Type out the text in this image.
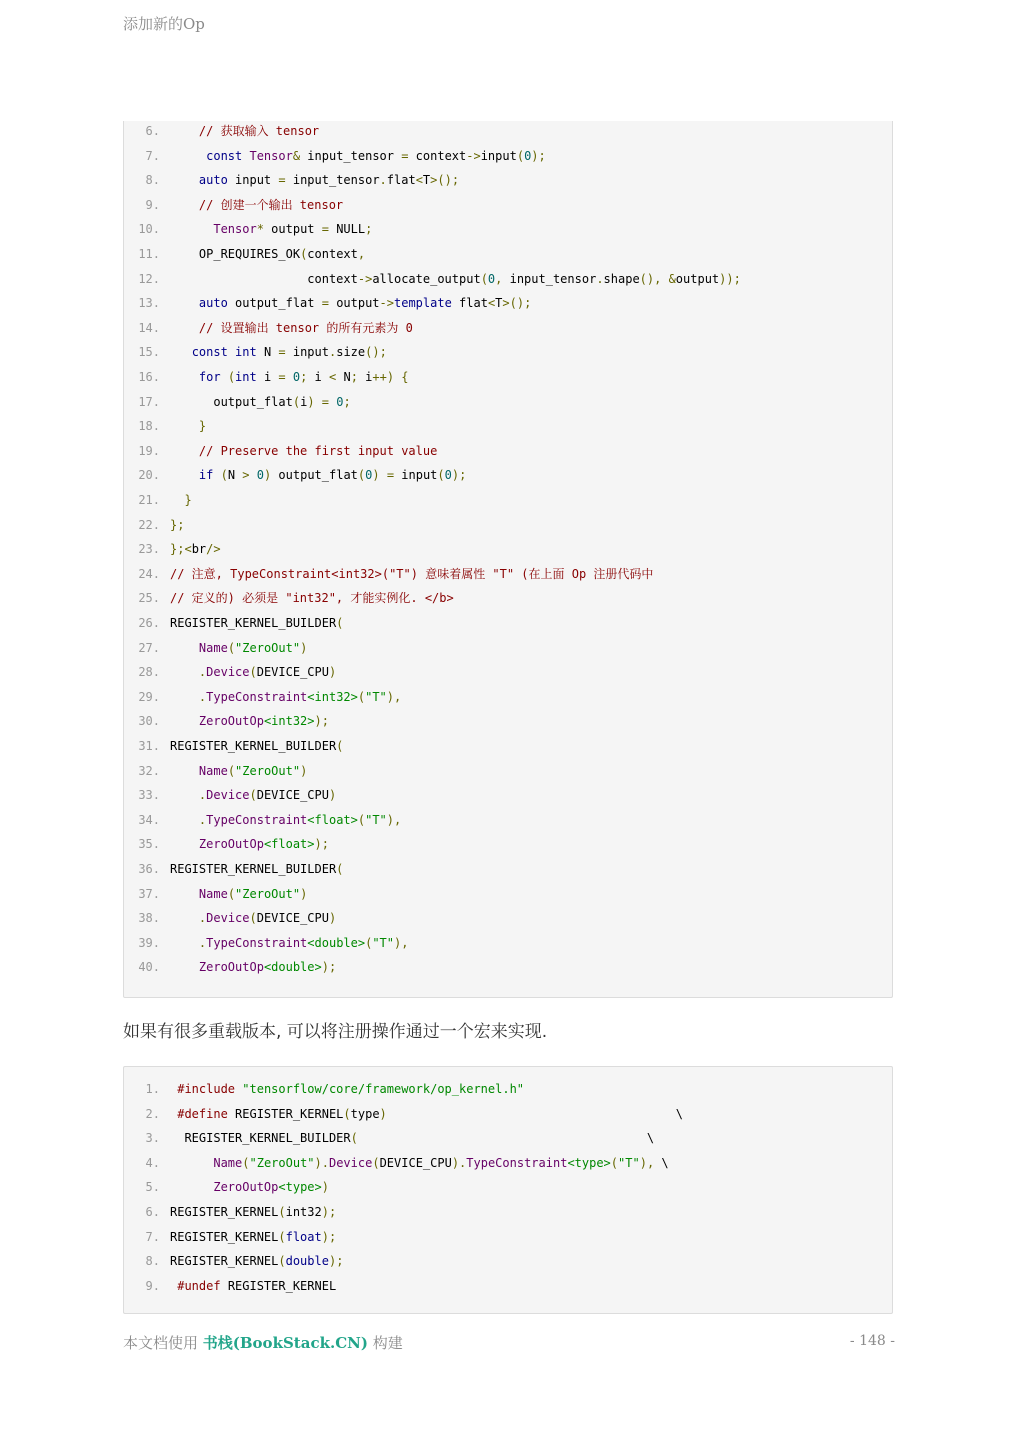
添加新的Op
6.	// 获取输入 tensor
7.	const Tensor& input_tensor = context->input(0);
8.	auto input = input_tensor.flat<T>();
9.	// 创建一个输出 tensor
10.	Tensor* output = NULL;
11.	OP_REQUIRES_OK(context,
12.	context->allocate_output(0, input_tensor.shape(), &output));
13.	auto output_flat = output->template flat<T>();
14.	// 设置输出 tensor 的所有元素为 0
15.	const int N = input.size();
16.	for (int i = 0; i < N; i++) {
17.	output_flat(i) = 0;
18.	}
19.	// Preserve the first input value
20.	if (N > 0) output_flat(0) = input(0);
21. }
22. };
23. };<br/>
24. // 注意, TypeConstraint<int32>("T") 意味着属性 "T" (在上面 Op 注册代码中
25. // 定义的) 必须是 "int32", 才能实例化. </b>
26. REGISTER_KERNEL_BUILDER(
27.	Name("ZeroOut")
28.	.Device(DEVICE_CPU)
29.	.TypeConstraint<int32>("T"),
30.	ZeroOutOp<int32>);
31. REGISTER_KERNEL_BUILDER(
32.	Name("ZeroOut")
33.	.Device(DEVICE_CPU)
34.	.TypeConstraint<float>("T"),
35.	ZeroOutOp<float>);
36. REGISTER_KERNEL_BUILDER(
37.	Name("ZeroOut")
38.	.Device(DEVICE_CPU)
39.	.TypeConstraint<double>("T"),
40.	ZeroOutOp<double>);
如果有很多重载版本, 可以将注册操作通过一个宏来实现.
1. #include "tensorflow/core/framework/op_kernel.h"
2. #define REGISTER_KERNEL(type)                                        \
3. REGISTER_KERNEL_BUILDER(                                        \
4.	Name("ZeroOut").Device(DEVICE_CPU).TypeConstraint<type>("T"), \
5.	ZeroOutOp<type>)
6. REGISTER_KERNEL(int32);
7. REGISTER_KERNEL(float);
8. REGISTER_KERNEL(double);
9. #undef REGISTER_KERNEL
本文档使用 书栈(BookStack.CN) 构建	- 148 -
